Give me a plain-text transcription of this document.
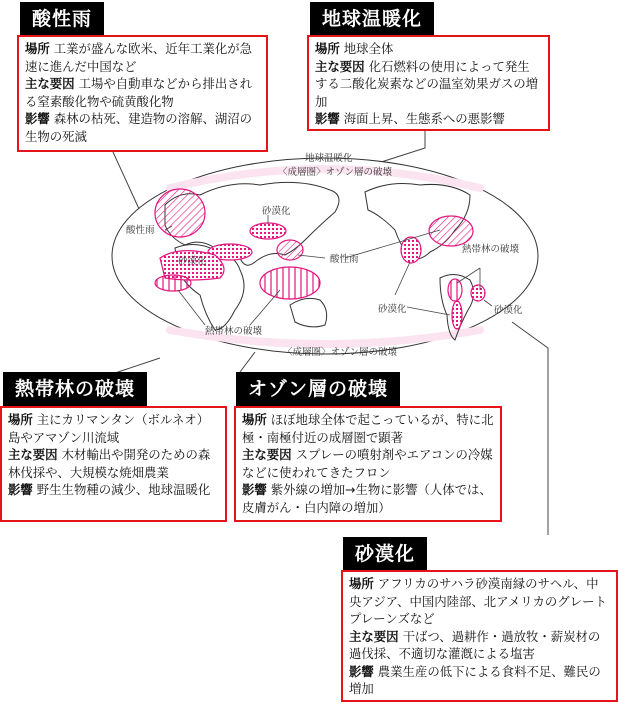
地球温暖化
〈成層圏〉オゾン層の破壊
〈成層圏〉オゾン層の破壊
酸性雨
砂漠化
砂漠化	酸性雨
熱帯林の破壊
熱帯林の破壊
砂漠化	砂漠化
酸性雨
場所 工業が盛んな欧米、近年工業化が急速に進んだ中国など
主な要因 工場や自動車などから排出される窒素酸化物や硫黄酸化物
影響 森林の枯死、建造物の溶解、湖沼の生物の死滅
地球温暖化
場所 地球全体
主な要因 化石燃料の使用によって発生する二酸化炭素などの温室効果ガスの増加
影響 海面上昇、生態系への悪影響
熱帯林の破壊
場所 主にカリマンタン（ボルネオ）島やアマゾン川流域
主な要因 木材輸出や開発のための森林伐採や、大規模な焼畑農業
影響 野生生物種の減少、地球温暖化
オゾン層の破壊
場所 ほぼ地球全体で起こっているが、特に北極・南極付近の成層圏で顕著
主な要因 スプレーの噴射剤やエアコンの冷媒などに使われてきたフロン
影響 紫外線の増加→生物に影響（人体では、皮膚がん・白内障の増加）
砂漠化
場所 アフリカのサハラ砂漠南縁のサヘル、中央アジア、中国内陸部、北アメリカのグレートプレーンズなど
主な要因 干ばつ、過耕作・過放牧・薪炭材の過伐採、不適切な灌漑による塩害
影響 農業生産の低下による食料不足、難民の増加
